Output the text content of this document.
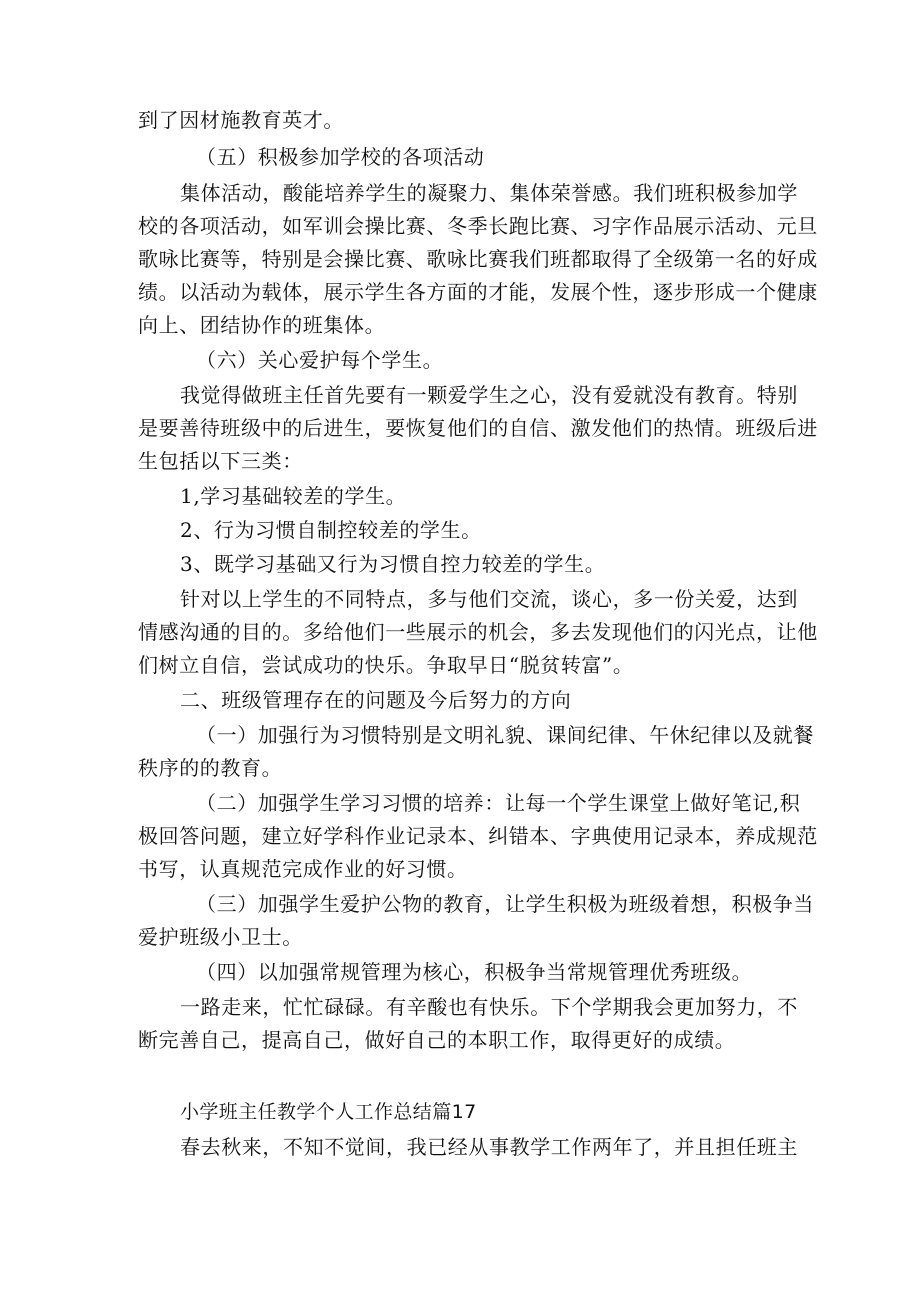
到了因材施教育英才。
（五）积极参加学校的各项活动
集体活动，酸能培养学生的凝聚力、集体荣誉感。我们班积极参加学
校的各项活动，如军训会操比赛、冬季长跑比赛、习字作品展示活动、元旦
歌咏比赛等，特别是会操比赛、歌咏比赛我们班都取得了全级第一名的好成
绩。以活动为载体，展示学生各方面的才能，发展个性，逐步形成一个健康
向上、团结协作的班集体。
（六）关心爱护每个学生。
我觉得做班主任首先要有一颗爱学生之心，没有爱就没有教育。特别
是要善待班级中的后进生，要恢复他们的自信、激发他们的热情。班级后进
生包括以下三类：
1,学习基础较差的学生。
2、行为习惯自制控较差的学生。
3、既学习基础又行为习惯自控力较差的学生。
针对以上学生的不同特点，多与他们交流，谈心，多一份关爱，达到
情感沟通的目的。多给他们一些展示的机会，多去发现他们的闪光点，让他
们树立自信，尝试成功的快乐。争取早日“脱贫转富”。
二、班级管理存在的问题及今后努力的方向
（一）加强行为习惯特别是文明礼貌、课间纪律、午休纪律以及就餐
秩序的的教育。
（二）加强学生学习习惯的培养：让每一个学生课堂上做好笔记,积
极回答问题，建立好学科作业记录本、纠错本、字典使用记录本，养成规范
书写，认真规范完成作业的好习惯。
（三）加强学生爱护公物的教育，让学生积极为班级着想，积极争当
爱护班级小卫士。
（四）以加强常规管理为核心，积极争当常规管理优秀班级。
一路走来，忙忙碌碌。有辛酸也有快乐。下个学期我会更加努力，不
断完善自己，提高自己，做好自己的本职工作，取得更好的成绩。
小学班主任教学个人工作总结篇17
春去秋来，不知不觉间，我已经从事教学工作两年了，并且担任班主
